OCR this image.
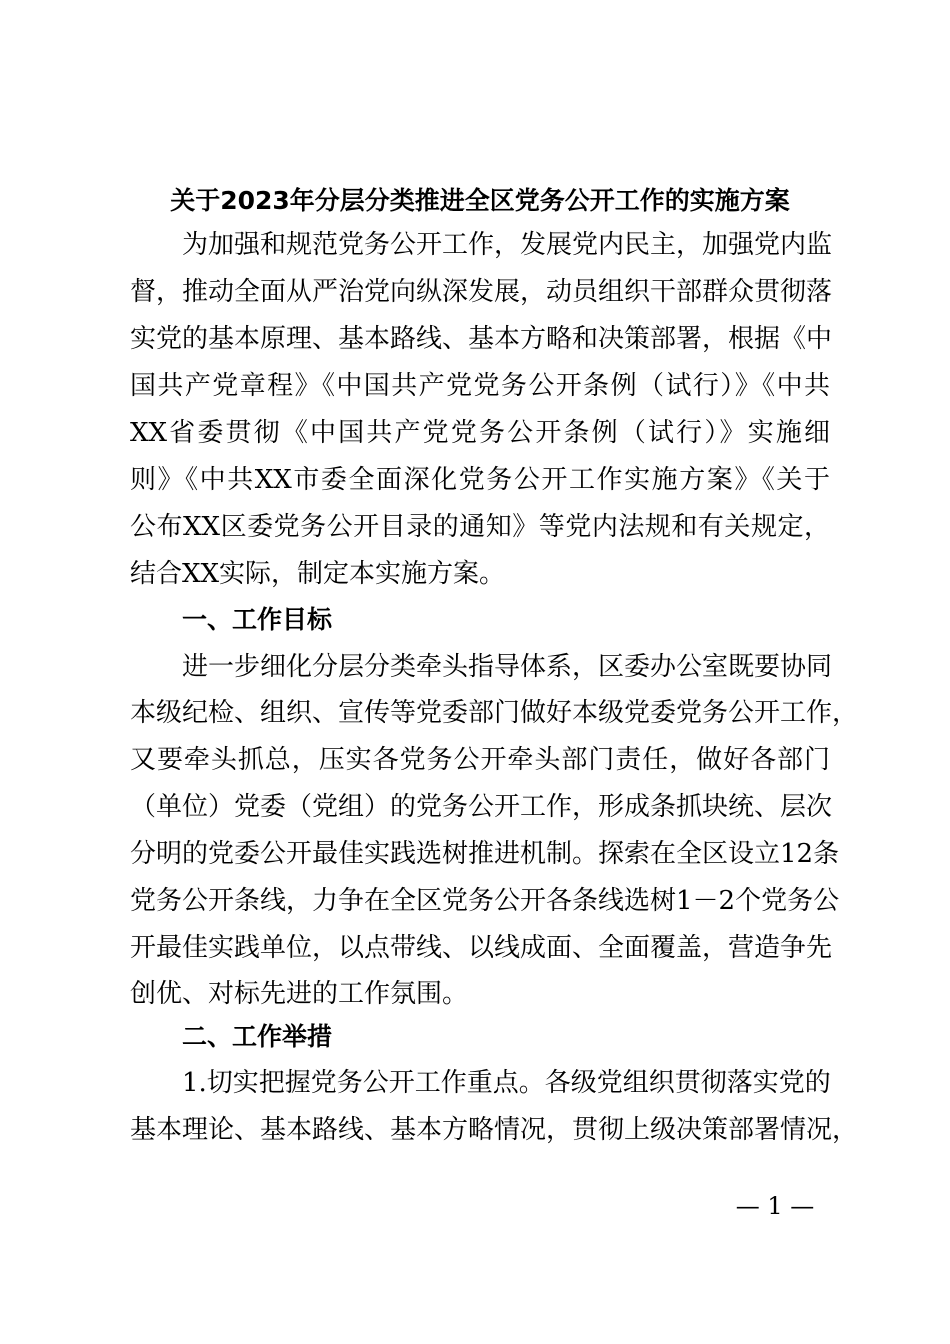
关于2023年分层分类推进全区党务公开工作的实施方案
为加强和规范党务公开工作，发展党内民主，加强党内监
督，推动全面从严治党向纵深发展，动员组织干部群众贯彻落
实党的基本原理、基本路线、基本方略和决策部署，根据《中
国共产党章程》《中国共产党党务公开条例（试行）》《中共
XX省委贯彻《中国共产党党务公开条例（试行）》实施细
则》《中共XX市委全面深化党务公开工作实施方案》《关于
公布XX区委党务公开目录的通知》等党内法规和有关规定，
结合XX实际，制定本实施方案。
一、工作目标
进一步细化分层分类牵头指导体系，区委办公室既要协同
本级纪检、组织、宣传等党委部门做好本级党委党务公开工作，
又要牵头抓总，压实各党务公开牵头部门责任，做好各部门
（单位）党委（党组）的党务公开工作，形成条抓块统、层次
分明的党委公开最佳实践选树推进机制。探索在全区设立12条
党务公开条线，力争在全区党务公开各条线选树1－2个党务公
开最佳实践单位，以点带线、以线成面、全面覆盖，营造争先
创优、对标先进的工作氛围。
二、工作举措
1.切实把握党务公开工作重点。各级党组织贯彻落实党的
基本理论、基本路线、基本方略情况，贯彻上级决策部署情况，
— 1 —
